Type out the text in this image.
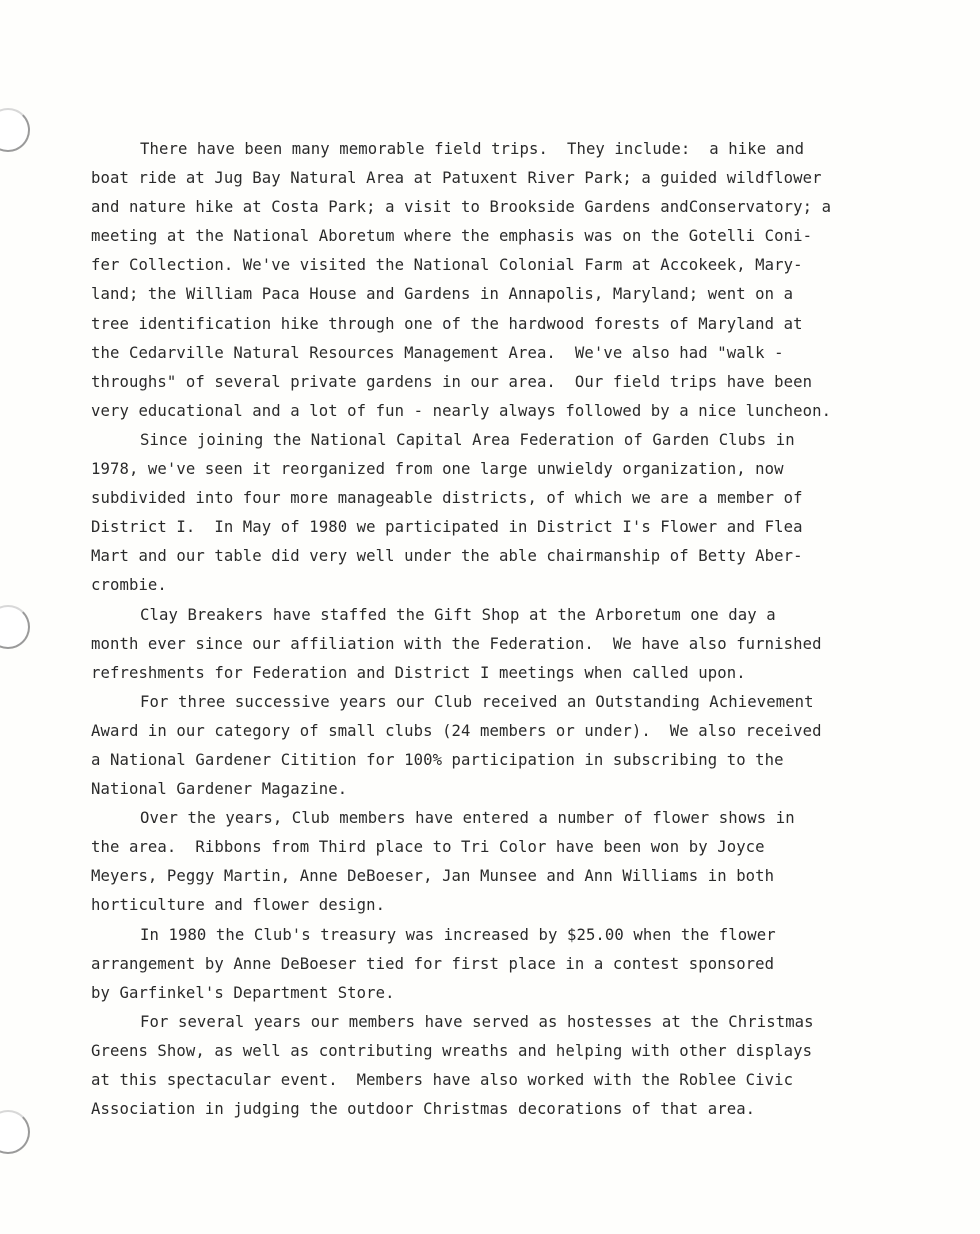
There have been many memorable field trips.  They include:  a hike and
boat ride at Jug Bay Natural Area at Patuxent River Park; a guided wildflower
and nature hike at Costa Park; a visit to Brookside Gardens andConservatory; a
meeting at the National Aboretum where the emphasis was on the Gotelli Coni-
fer Collection. We've visited the National Colonial Farm at Accokeek, Mary-
land; the William Paca House and Gardens in Annapolis, Maryland; went on a
tree identification hike through one of the hardwood forests of Maryland at
the Cedarville Natural Resources Management Area.  We've also had "walk -
throughs" of several private gardens in our area.  Our field trips have been
very educational and a lot of fun - nearly always followed by a nice luncheon.
Since joining the National Capital Area Federation of Garden Clubs in
1978, we've seen it reorganized from one large unwieldy organization, now
subdivided into four more manageable districts, of which we are a member of
District I.  In May of 1980 we participated in District I's Flower and Flea
Mart and our table did very well under the able chairmanship of Betty Aber-
crombie.
Clay Breakers have staffed the Gift Shop at the Arboretum one day a
month ever since our affiliation with the Federation.  We have also furnished
refreshments for Federation and District I meetings when called upon.
For three successive years our Club received an Outstanding Achievement
Award in our category of small clubs (24 members or under).  We also received
a National Gardener Citition for 100% participation in subscribing to the
National Gardener Magazine.
Over the years, Club members have entered a number of flower shows in
the area.  Ribbons from Third place to Tri Color have been won by Joyce
Meyers, Peggy Martin, Anne DeBoeser, Jan Munsee and Ann Williams in both
horticulture and flower design.
In 1980 the Club's treasury was increased by $25.00 when the flower
arrangement by Anne DeBoeser tied for first place in a contest sponsored
by Garfinkel's Department Store.
For several years our members have served as hostesses at the Christmas
Greens Show, as well as contributing wreaths and helping with other displays
at this spectacular event.  Members have also worked with the Roblee Civic
Association in judging the outdoor Christmas decorations of that area.
